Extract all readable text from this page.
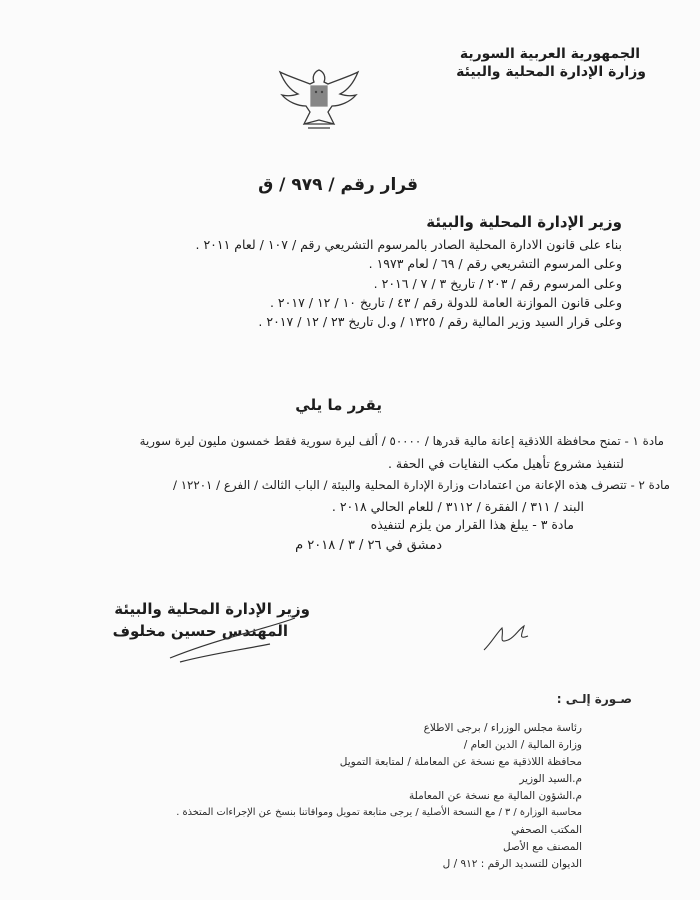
الجمهورية العربية السورية
وزارة الإدارة المحلية والبيئة
قرار رقم / ٩٧٩ / ق
وزير الإدارة المحلية والبيئة
بناء على قانون الادارة المحلية الصادر بالمرسوم التشريعي رقم / ١٠٧ / لعام ٢٠١١ .
وعلى المرسوم التشريعي رقم / ٦٩ / لعام ١٩٧٣ .
وعلى المرسوم رقم / ٢٠٣ / تاريخ ٣ / ٧ / ٢٠١٦ .
وعلى قانون الموازنة العامة للدولة رقم / ٤٣ / تاريخ ١٠ / ١٢ / ٢٠١٧ .
وعلى قرار السيد وزير المالية رقم / ١٣٢٥ / و.ل تاريخ ٢٣ / ١٢ / ٢٠١٧ .
يقرر ما يلي
مادة ١ - تمنح محافظة اللاذقية إعانة مالية قدرها / ٥٠٠٠٠ / ألف ليرة سورية فقط خمسون مليون ليرة سورية
لتنفيذ مشروع تأهيل مكب النفايات في الحفة .
مادة ٢ - تتصرف هذه الإعانة من اعتمادات وزارة الإدارة المحلية والبيئة / الباب الثالث / الفرع / ١٢٢٠١ /
البند / ٣١١ / الفقرة / ٣١١٢ / للعام الحالي ٢٠١٨ .
مادة ٣ - يبلغ هذا القرار من يلزم لتنفيذه
دمشق في ٢٦ / ٣ / ٢٠١٨ م
وزير الإدارة المحلية والبيئة
المهندس حسين مخلوف
صـورة إلـى :
رئاسة مجلس الوزراء / برجى الاطلاع
وزارة المالية / الدين العام /
محافظة اللاذقية مع نسخة عن المعاملة / لمتابعة التمويل
م.السيد الوزير
م.الشؤون المالية مع نسخة عن المعاملة
محاسبة الوزارة / ٣ / مع النسخة الأصلية / يرجى متابعة تمويل ومواقاتنا بنسخ عن الإجراءات المتخذة .
المكتب الصحفي
المصنف مع الأصل
الديوان للتسديد الرقم : ٩١٢ / ل
